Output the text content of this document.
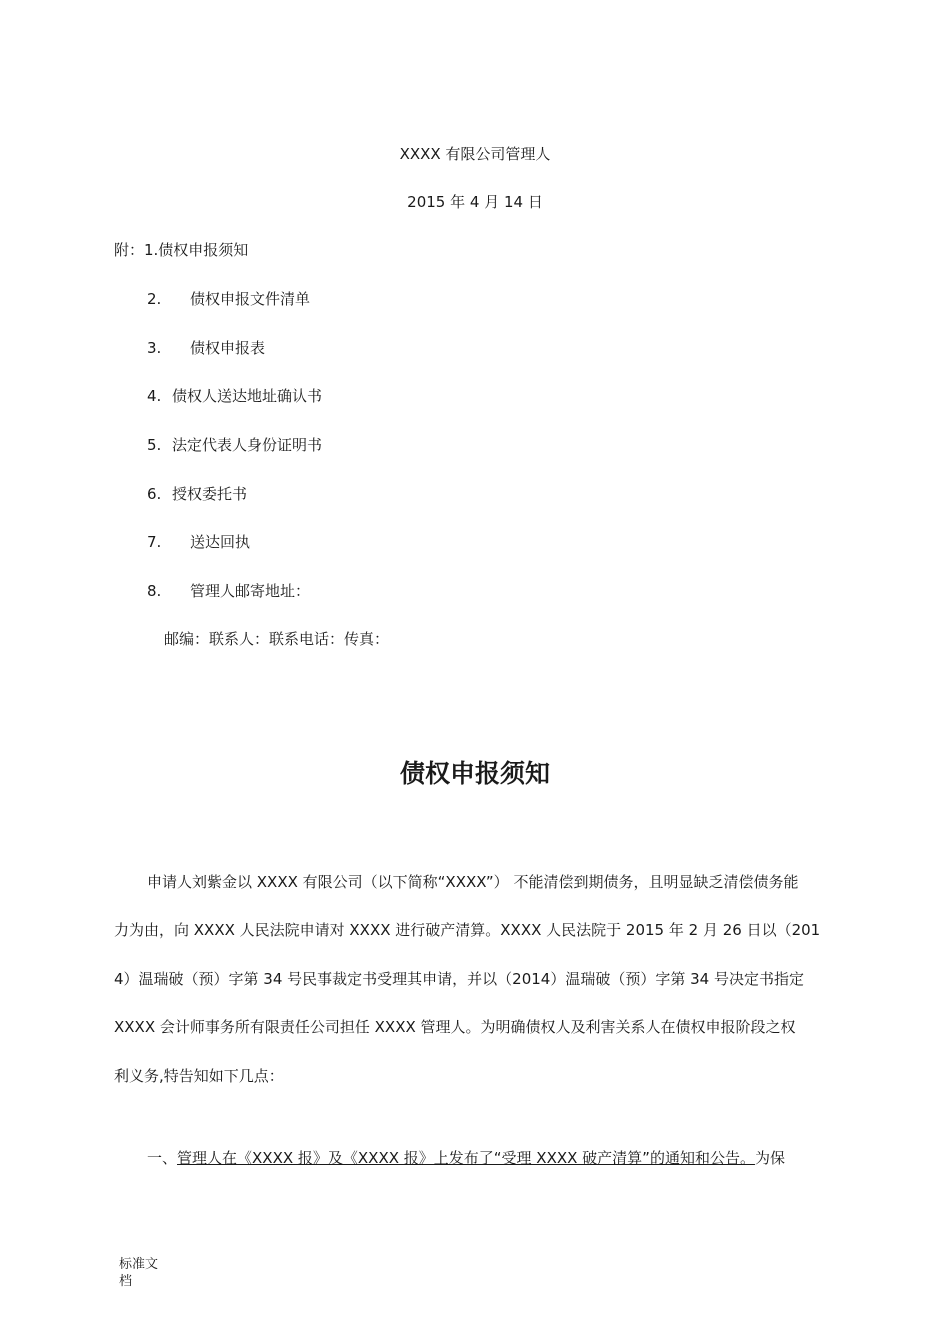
XXXX 有限公司管理人
2015 年 4 月 14 日
附：1.债权申报须知
2. 债权申报文件清单
3. 债权申报表
4. 债权人送达地址确认书
5. 法定代表人身份证明书
6. 授权委托书
7. 送达回执
8. 管理人邮寄地址：
邮编：联系人：联系电话：传真：
债权申报须知
申请人刘紫金以 XXXX 有限公司（以下简称“XXXX”） 不能清偿到期债务，且明显缺乏清偿债务能
力为由，向 XXXX 人民法院申请对 XXXX 进行破产清算。XXXX 人民法院于 2015 年 2 月 26 日以（201
4）温瑞破（预）字第 34 号民事裁定书受理其申请，并以（2014）温瑞破（预）字第 34 号决定书指定
XXXX 会计师事务所有限责任公司担任 XXXX 管理人。为明确债权人及利害关系人在债权申报阶段之权
利义务,特告知如下几点：
一、管理人在《XXXX 报》及《XXXX 报》上发布了“受理 XXXX 破产清算”的通知和公告。为保
标准文
档
